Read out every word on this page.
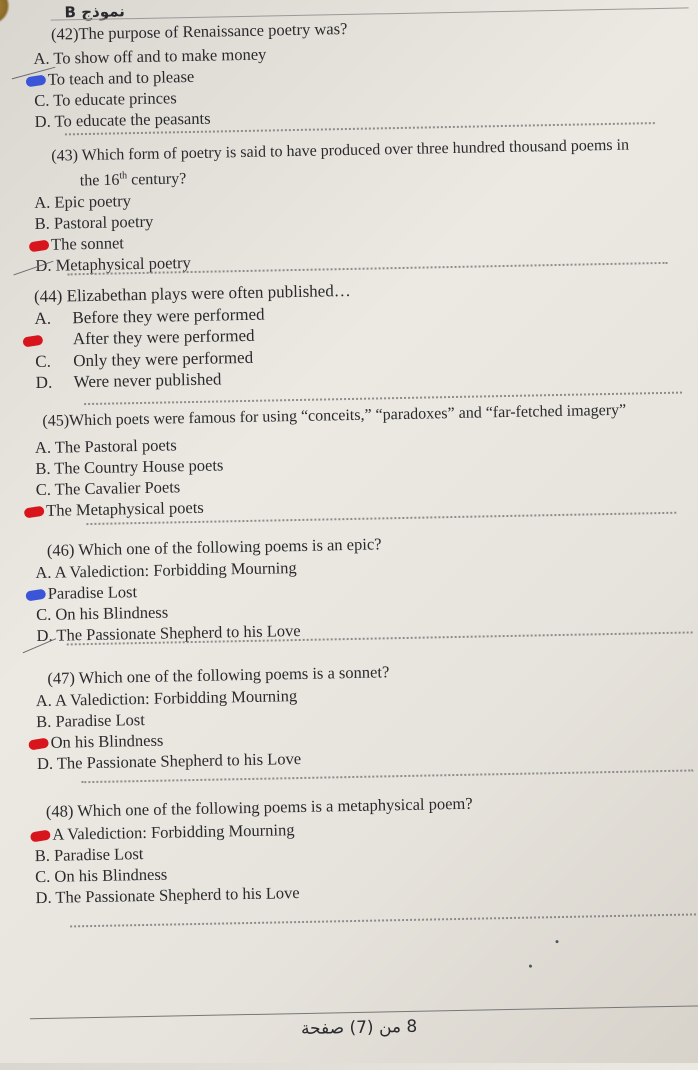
B نموذج
(42)The purpose of Renaissance poetry was?
A. To show off and to make money
To teach and to please
C. To educate princes
D. To educate the peasants
(43) Which form of poetry is said to have produced over three hundred thousand poems in
the 16th century?
A. Epic poetry
B. Pastoral poetry
The sonnet
D. Metaphysical poetry
(44) Elizabethan plays were often published…
A. Before they were performed
After they were performed
C. Only they were performed
D. Were never published
(45)Which poets were famous for using “conceits,” “paradoxes” and “far-fetched imagery”
A. The Pastoral poets
B. The Country House poets
C. The Cavalier Poets
The Metaphysical poets
(46) Which one of the following poems is an epic?
A. A Valediction: Forbidding Mourning
Paradise Lost
C. On his Blindness
D. The Passionate Shepherd to his Love
(47) Which one of the following poems is a sonnet?
A. A Valediction: Forbidding Mourning
B. Paradise Lost
On his Blindness
D. The Passionate Shepherd to his Love
(48) Which one of the following poems is a metaphysical poem?
A Valediction: Forbidding Mourning
B. Paradise Lost
C. On his Blindness
D. The Passionate Shepherd to his Love
8 من (7) صفحة
